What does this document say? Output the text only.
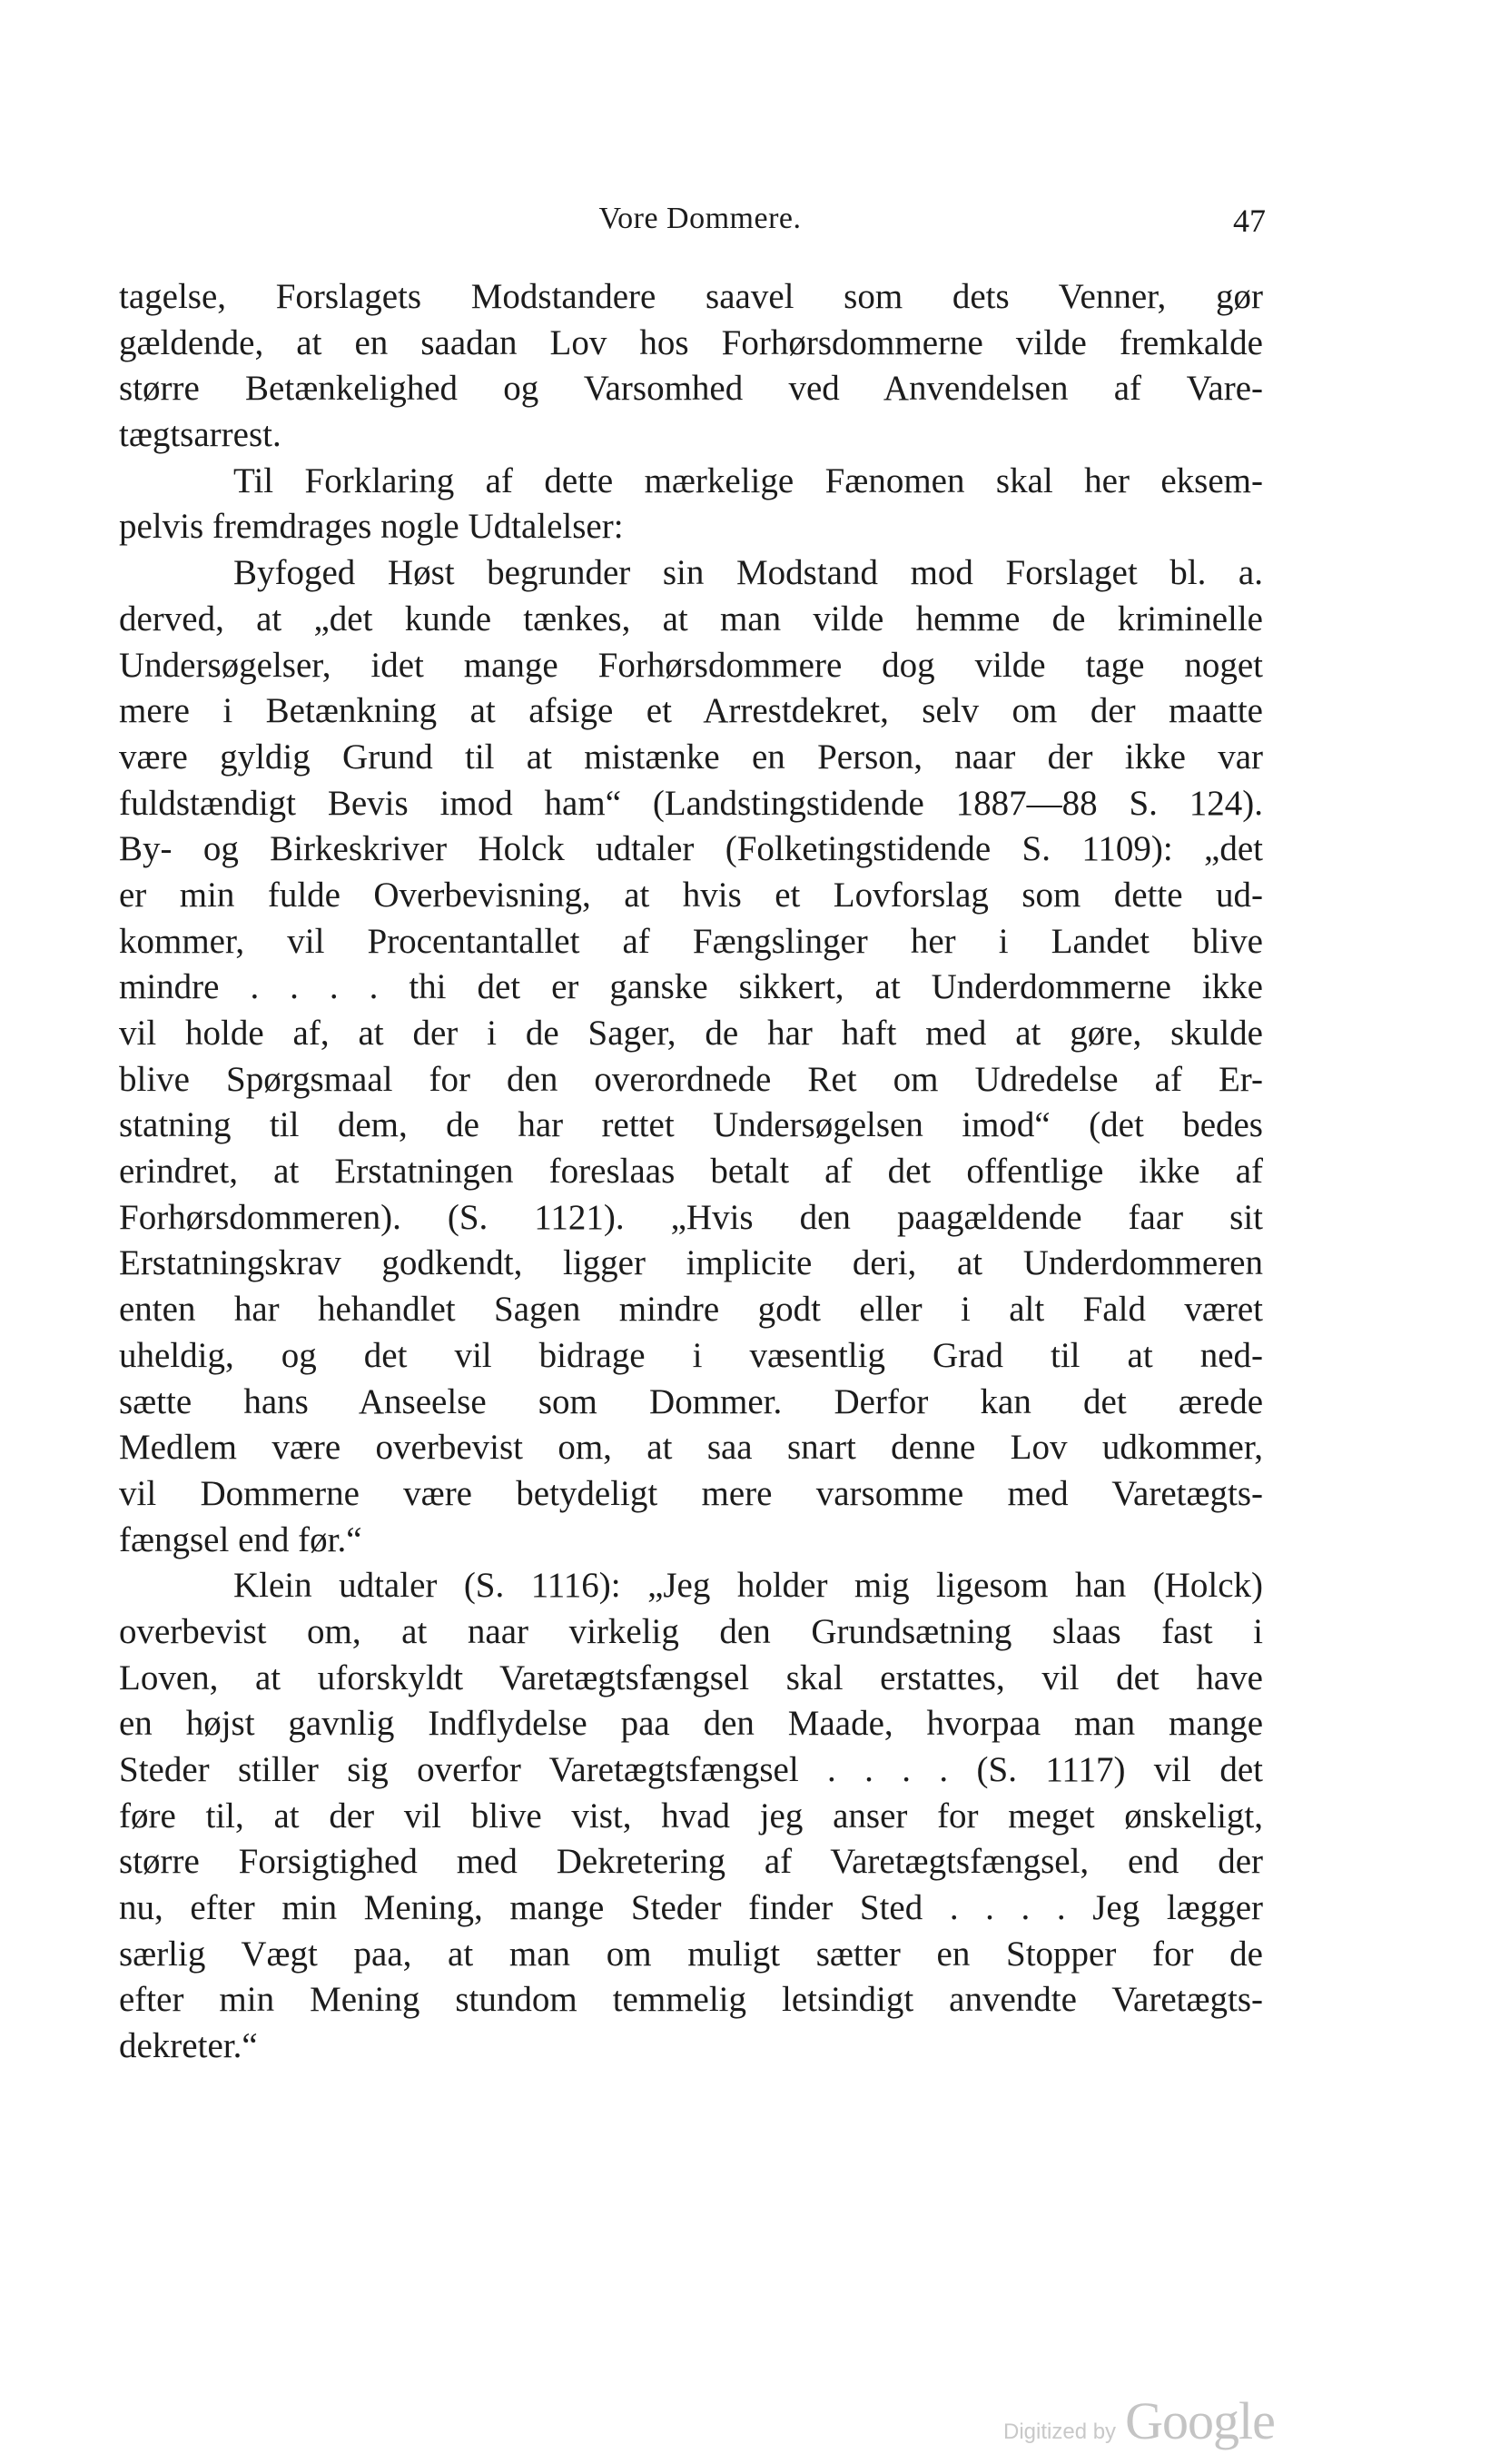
Vore Dommere.	47
tagelse, Forslagets Modstandere saavel som dets Venner, gør
gældende, at en saadan Lov hos Forhørsdommerne vilde fremkalde
større Betænkelighed og Varsomhed ved Anvendelsen af Vare-
tægtsarrest.
Til Forklaring af dette mærkelige Fænomen skal her eksem-
pelvis fremdrages nogle Udtalelser:
Byfoged Høst begrunder sin Modstand mod Forslaget bl. a.
derved, at „det kunde tænkes, at man vilde hemme de kriminelle
Undersøgelser, idet mange Forhørsdommere dog vilde tage noget
mere i Betænkning at afsige et Arrestdekret, selv om der maatte
være gyldig Grund til at mistænke en Person, naar der ikke var
fuldstændigt Bevis imod ham“ (Landstingstidende 1887—88 S. 124).
By- og Birkeskriver Holck udtaler (Folketingstidende S. 1109): „det
er min fulde Overbevisning, at hvis et Lovforslag som dette ud-
kommer, vil Procentantallet af Fængslinger her i Landet blive
mindre . . . . thi det er ganske sikkert, at Underdommerne ikke
vil holde af, at der i de Sager, de har haft med at gøre, skulde
blive Spørgsmaal for den overordnede Ret om Udredelse af Er-
statning til dem, de har rettet Undersøgelsen imod“ (det bedes
erindret, at Erstatningen foreslaas betalt af det offentlige ikke af
Forhørsdommeren). (S. 1121). „Hvis den paagældende faar sit
Erstatningskrav godkendt, ligger implicite deri, at Underdommeren
enten har hehandlet Sagen mindre godt eller i alt Fald været
uheldig, og det vil bidrage i væsentlig Grad til at ned-
sætte hans Anseelse som Dommer. Derfor kan det ærede
Medlem være overbevist om, at saa snart denne Lov udkommer,
vil Dommerne være betydeligt mere varsomme med Varetægts-
fængsel end før.“
Klein udtaler (S. 1116): „Jeg holder mig ligesom han (Holck)
overbevist om, at naar virkelig den Grundsætning slaas fast i
Loven, at uforskyldt Varetægtsfængsel skal erstattes, vil det have
en højst gavnlig Indflydelse paa den Maade, hvorpaa man mange
Steder stiller sig overfor Varetægtsfængsel . . . . (S. 1117) vil det
føre til, at der vil blive vist, hvad jeg anser for meget ønskeligt,
større Forsigtighed med Dekretering af Varetægtsfængsel, end der
nu, efter min Mening, mange Steder finder Sted . . . . Jeg lægger
særlig Vægt paa, at man om muligt sætter en Stopper for de
efter min Mening stundom temmelig letsindigt anvendte Varetægts-
dekreter.“
Digitized by Google
